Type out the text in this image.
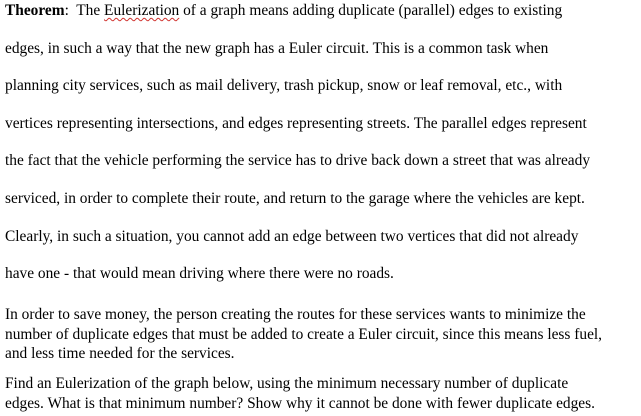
Theorem:  The Eulerization of a graph means adding duplicate (parallel) edges to existing
edges, in such a way that the new graph has a Euler circuit. This is a common task when
planning city services, such as mail delivery, trash pickup, snow or leaf removal, etc., with
vertices representing intersections, and edges representing streets. The parallel edges represent
the fact that the vehicle performing the service has to drive back down a street that was already
serviced, in order to complete their route, and return to the garage where the vehicles are kept.
Clearly, in such a situation, you cannot add an edge between two vertices that did not already
have one - that would mean driving where there were no roads.

In order to save money, the person creating the routes for these services wants to minimize the
number of duplicate edges that must be added to create a Euler circuit, since this means less fuel,
and less time needed for the services.

Find an Eulerization of the graph below, using the minimum necessary number of duplicate
edges. What is that minimum number? Show why it cannot be done with fewer duplicate edges.
